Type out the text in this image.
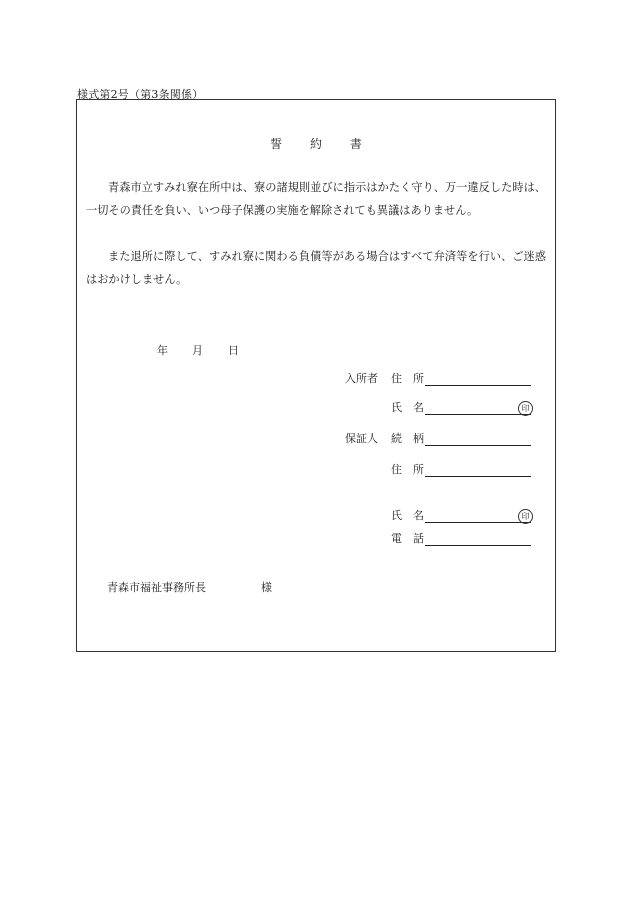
様式第2号（第3条関係）
誓 約 書
青森市立すみれ寮在所中は、寮の諸規則並びに指示はかたく守り、万一違反した時は、一切その責任を負い、いつ母子保護の実施を解除されても異議はありません。
また退所に際して、すみれ寮に関わる負債等がある場合はすべて弁済等を行い、ご迷惑はおかけしません。
年 月 日
入所者 住 所
氏 名	印
保証人 続 柄
住 所
氏 名	印
電 話
青森市福祉事務所長	様
